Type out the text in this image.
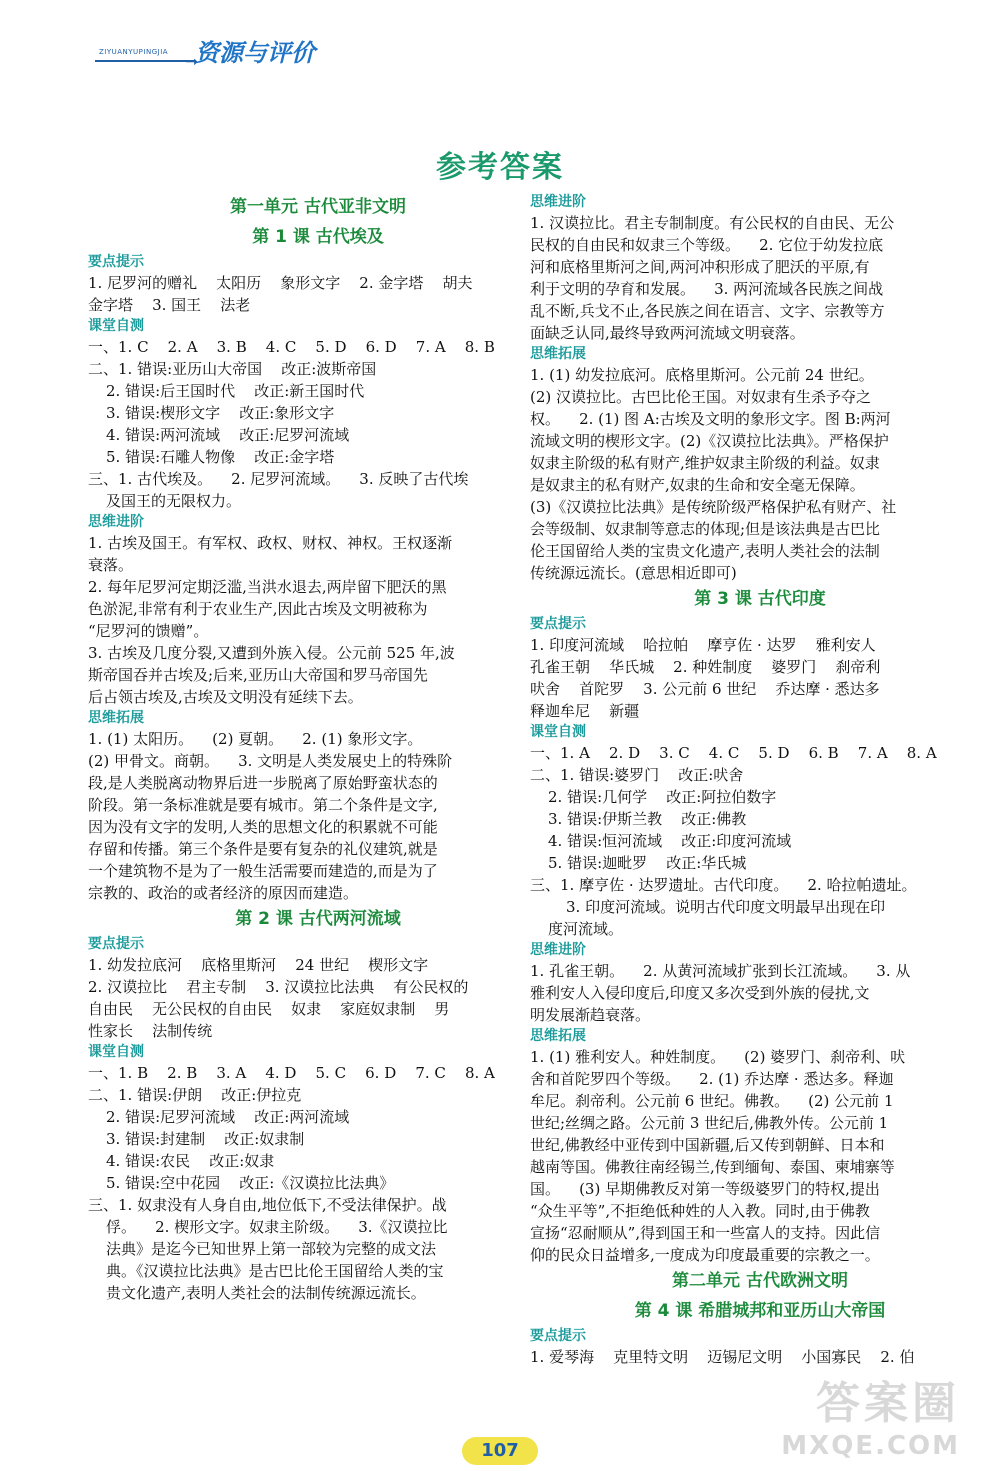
ZIYUANYUPINGJIA ➝
资源与评价
参考答案
第一单元 古代亚非文明
第 1 课 古代埃及
要点提示
1. 尼罗河的赠礼    太阳历    象形文字    2. 金字塔    胡夫
金字塔    3. 国王    法老
课堂自测
一、1. C    2. A    3. B    4. C    5. D    6. D    7. A    8. B
二、1. 错误:亚历山大帝国    改正:波斯帝国
2. 错误:后王国时代    改正:新王国时代
3. 错误:楔形文字    改正:象形文字
4. 错误:两河流域    改正:尼罗河流域
5. 错误:石雕人物像    改正:金字塔
三、1. 古代埃及。    2. 尼罗河流域。    3. 反映了古代埃
及国王的无限权力。
思维进阶
1. 古埃及国王。有军权、政权、财权、神权。王权逐渐
衰落。
2. 每年尼罗河定期泛滥,当洪水退去,两岸留下肥沃的黑
色淤泥,非常有利于农业生产,因此古埃及文明被称为
“尼罗河的馈赠”。
3. 古埃及几度分裂,又遭到外族入侵。公元前 525 年,波
斯帝国吞并古埃及;后来,亚历山大帝国和罗马帝国先
后占领古埃及,古埃及文明没有延续下去。
思维拓展
1. (1) 太阳历。    (2) 夏朝。    2. (1) 象形文字。
(2) 甲骨文。商朝。    3. 文明是人类发展史上的特殊阶
段,是人类脱离动物界后进一步脱离了原始野蛮状态的
阶段。第一条标准就是要有城市。第二个条件是文字,
因为没有文字的发明,人类的思想文化的积累就不可能
存留和传播。第三个条件是要有复杂的礼仪建筑,就是
一个建筑物不是为了一般生活需要而建造的,而是为了
宗教的、政治的或者经济的原因而建造。
第 2 课 古代两河流域
要点提示
1. 幼发拉底河    底格里斯河    24 世纪    楔形文字
2. 汉谟拉比    君主专制    3. 汉谟拉比法典    有公民权的
自由民    无公民权的自由民    奴隶    家庭奴隶制    男
性家长    法制传统
课堂自测
一、1. B    2. B    3. A    4. D    5. C    6. D    7. C    8. A
二、1. 错误:伊朗    改正:伊拉克
2. 错误:尼罗河流域    改正:两河流域
3. 错误:封建制    改正:奴隶制
4. 错误:农民    改正:奴隶
5. 错误:空中花园    改正:《汉谟拉比法典》
三、1. 奴隶没有人身自由,地位低下,不受法律保护。战
俘。    2. 楔形文字。奴隶主阶级。    3.《汉谟拉比
法典》是迄今已知世界上第一部较为完整的成文法
典。《汉谟拉比法典》是古巴比伦王国留给人类的宝
贵文化遗产,表明人类社会的法制传统源远流长。
思维进阶
1. 汉谟拉比。君主专制制度。有公民权的自由民、无公
民权的自由民和奴隶三个等级。    2. 它位于幼发拉底
河和底格里斯河之间,两河冲积形成了肥沃的平原,有
利于文明的孕育和发展。    3. 两河流域各民族之间战
乱不断,兵戈不止,各民族之间在语言、文字、宗教等方
面缺乏认同,最终导致两河流域文明衰落。
思维拓展
1. (1) 幼发拉底河。底格里斯河。公元前 24 世纪。
(2) 汉谟拉比。古巴比伦王国。对奴隶有生杀予夺之
权。    2. (1) 图 A:古埃及文明的象形文字。图 B:两河
流域文明的楔形文字。(2)《汉谟拉比法典》。严格保护
奴隶主阶级的私有财产,维护奴隶主阶级的利益。奴隶
是奴隶主的私有财产,奴隶的生命和安全毫无保障。
(3)《汉谟拉比法典》是传统阶级严格保护私有财产、社
会等级制、奴隶制等意志的体现;但是该法典是古巴比
伦王国留给人类的宝贵文化遗产,表明人类社会的法制
传统源远流长。(意思相近即可)
第 3 课 古代印度
要点提示
1. 印度河流域    哈拉帕    摩亨佐 · 达罗    雅利安人
孔雀王朝    华氏城    2. 种姓制度    婆罗门    刹帝利
吠舍    首陀罗    3. 公元前 6 世纪    乔达摩 · 悉达多
释迦牟尼    新疆
课堂自测
一、1. A    2. D    3. C    4. C    5. D    6. B    7. A    8. A
二、1. 错误:婆罗门    改正:吠舍
2. 错误:几何学    改正:阿拉伯数字
3. 错误:伊斯兰教    改正:佛教
4. 错误:恒河流域    改正:印度河流域
5. 错误:迦毗罗    改正:华氏城
三、1. 摩亨佐 · 达罗遗址。古代印度。    2. 哈拉帕遗址。
3. 印度河流域。说明古代印度文明最早出现在印
度河流域。
思维进阶
1. 孔雀王朝。    2. 从黄河流域扩张到长江流域。    3. 从
雅利安人入侵印度后,印度又多次受到外族的侵扰,文
明发展渐趋衰落。
思维拓展
1. (1) 雅利安人。种姓制度。    (2) 婆罗门、刹帝利、吠
舍和首陀罗四个等级。    2. (1) 乔达摩 · 悉达多。释迦
牟尼。刹帝利。公元前 6 世纪。佛教。    (2) 公元前 1
世纪;丝绸之路。公元前 3 世纪后,佛教外传。公元前 1
世纪,佛教经中亚传到中国新疆,后又传到朝鲜、日本和
越南等国。佛教往南经锡兰,传到缅甸、泰国、柬埔寨等
国。    (3) 早期佛教反对第一等级婆罗门的特权,提出
“众生平等”,不拒绝低种姓的人入教。同时,由于佛教
宣扬“忍耐顺从”,得到国王和一些富人的支持。因此信
仰的民众日益增多,一度成为印度最重要的宗教之一。
第二单元 古代欧洲文明
第 4 课 希腊城邦和亚历山大帝国
要点提示
1. 爱琴海    克里特文明    迈锡尼文明    小国寡民    2. 伯
107
答案圈
MXQE.COM
